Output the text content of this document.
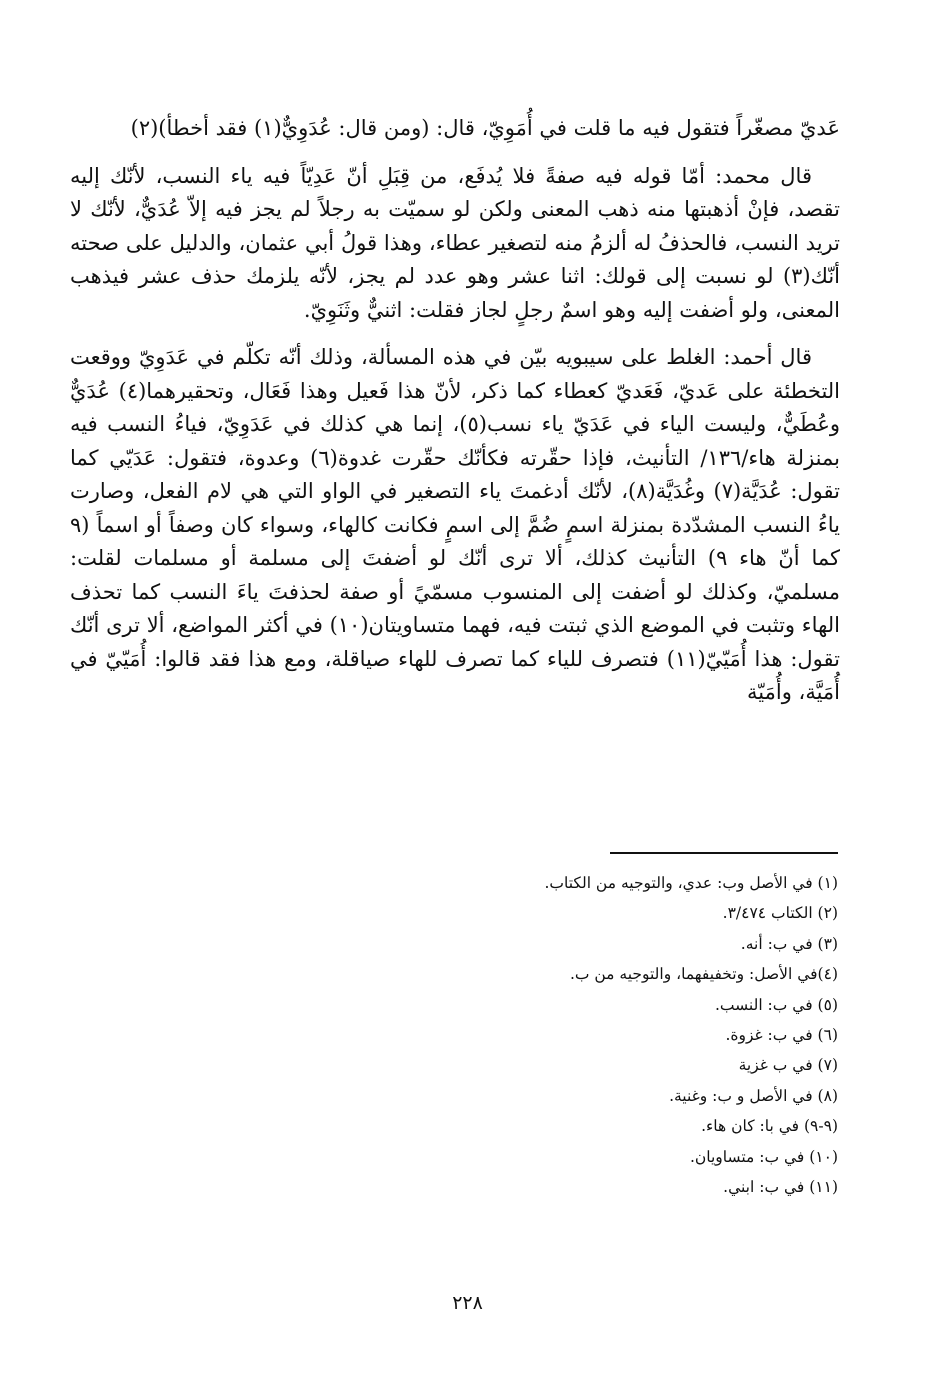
عَديّ مصغّراً فتقول فيه ما قلت في أُمَوِيّ، قال: (ومن قال: عُدَوِيٌّ(١) فقد أخطأ)(٢)

قال محمد: أمّا قوله فيه صفةً فلا يُدفَع، من قِبَلِ أنّ عَدِيّاً فيه ياء النسب، لأنّك إليه تقصد، فإنْ أذهبتها منه ذهب المعنى ولكن لو سميّت به رجلاً لم يجز فيه إلاّ عُدَيٌّ، لأنّك لا تريد النسب، فالحذفُ له ألزمُ منه لتصغير عطاء، وهذا قولُ أبي عثمان، والدليل على صحته أنّك(٣) لو نسبت إلى قولك: اثنا عشر وهو عدد لم يجز، لأنّه يلزمك حذف عشر فيذهب المعنى، ولو أضفت إليه وهو اسمٌ رجلٍ لجاز فقلت: اثنيٌّ وثَنَوِيّ.

قال أحمد: الغلط على سيبويه بيّن في هذه المسألة، وذلك أنّه تكلّم في عَدَوِيّ ووقعت التخطئة على عَديّ، فَعَديّ كعطاء كما ذكر، لأنّ هذا فَعيل وهذا فَعَال، وتحقيرهما(٤) عُدَيٌّ وعُطَيٌّ، وليست الياء في عَدَيّ ياء نسب(٥)، إنما هي كذلك في عَدَوِيّ، فياءُ النسب فيه بمنزلة هاء/١٣٦/ التأنيث، فإذا حقّرته فكأنّك حقّرت غدوة(٦) وعدوة، فتقول: عَدَيّي كما تقول: عُدَيَّة(٧) وغُدَيَّة(٨)، لأنّك أدغمتَ ياء التصغير في الواو التي هي لام الفعل، وصارت ياءُ النسب المشدّدة بمنزلة اسمٍ ضُمَّ إلى اسمٍ فكانت كالهاء، وسواء كان وصفاً أو اسماً (٩ كما أنّ هاء ٩) التأنيث كذلك، ألا ترى أنّك لو أضفتَ إلى مسلمة أو مسلمات لقلت: مسلميّ، وكذلك لو أضفت إلى المنسوب مسمّيً أو صفة لحذفتَ ياءَ النسب كما تحذف الهاء وتثبت في الموضع الذي ثبتت فيه، فهما متساويتان(١٠) في أكثر المواضع، ألا ترى أنّك تقول: هذا أُمَيّيّ(١١) فتصرف للياء كما تصرف للهاء صياقلة، ومع هذا فقد قالوا: أُمَيّيّ في أُمَيَّة، وأُمَيّة

(١) في الأصل وب: عدي، والتوجيه من الكتاب.
(٢) الكتاب ٣/٤٧٤.
(٣) في ب: أنه.
(٤)في الأصل: وتخفيفهما، والتوجيه من ب.
(٥) في ب: النسب.
(٦) في ب: غزوة.
(٧) في ب غزية
(٨) في الأصل و ب: وغنية.
(٩-٩) في با: كان هاء.
(١٠) في ب: متساويان.
(١١) في ب: ابني.
٢٢٨
